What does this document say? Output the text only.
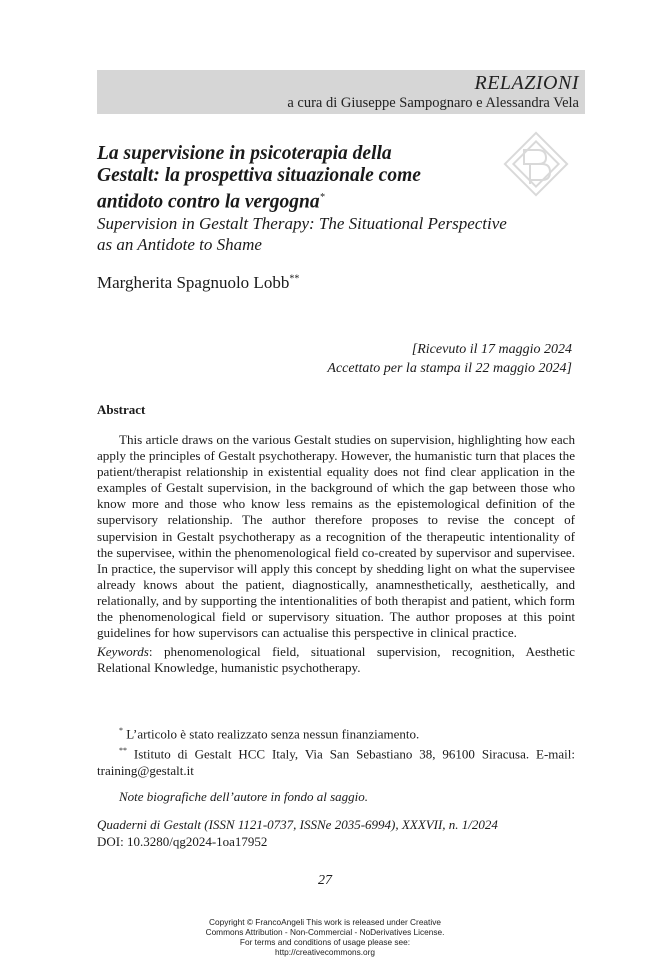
RELAZIONI
a cura di Giuseppe Sampognaro e Alessandra Vela
La supervisione in psicoterapia della
Gestalt: la prospettiva situazionale come
antidoto contro la vergogna*
Supervision in Gestalt Therapy: The Situational Perspective
as an Antidote to Shame
Margherita Spagnuolo Lobb**
[Ricevuto il 17 maggio 2024
Accettato per la stampa il 22 maggio 2024]
Abstract

This article draws on the various Gestalt studies on supervision, highlighting how each apply the principles of Gestalt psychotherapy. However, the humanistic turn that places the patient/therapist relationship in existential equality does not find clear application in the examples of Gestalt supervision, in the background of which the gap between those who know more and those who know less remains as the epistemological definition of the supervisory relationship. The author therefore proposes to revise the concept of supervision in Gestalt psychotherapy as a recognition of the therapeutic intentionality of the supervisee, within the phenomenological field co-created by supervisor and supervisee. In practice, the supervisor will apply this concept by shedding light on what the supervisee already knows about the patient, diagnostically, anamnesthetically, aesthetically, and relationally, and by supporting the intentionalities of both therapist and patient, which form the phenomenological field or supervisory situation. The author proposes at this point guidelines for how supervisors can actualise this perspective in clinical practice.

Keywords: phenomenological field, situational supervision, recognition, Aesthetic Relational Knowledge, humanistic psychotherapy.

* L’articolo è stato realizzato senza nessun finanziamento.

** Istituto di Gestalt HCC Italy, Via San Sebastiano 38, 96100 Siracusa. E-mail: training@gestalt.it

Note biografiche dell’autore in fondo al saggio.
Quaderni di Gestalt (ISSN 1121-0737, ISSNe 2035-6994), XXXVII, n. 1/2024
DOI: 10.3280/qg2024-1oa17952
27
Copyright © FrancoAngeli This work is released under Creative
Commons Attribution - Non-Commercial - NoDerivatives License.
For terms and conditions of usage please see:
http://creativecommons.org
